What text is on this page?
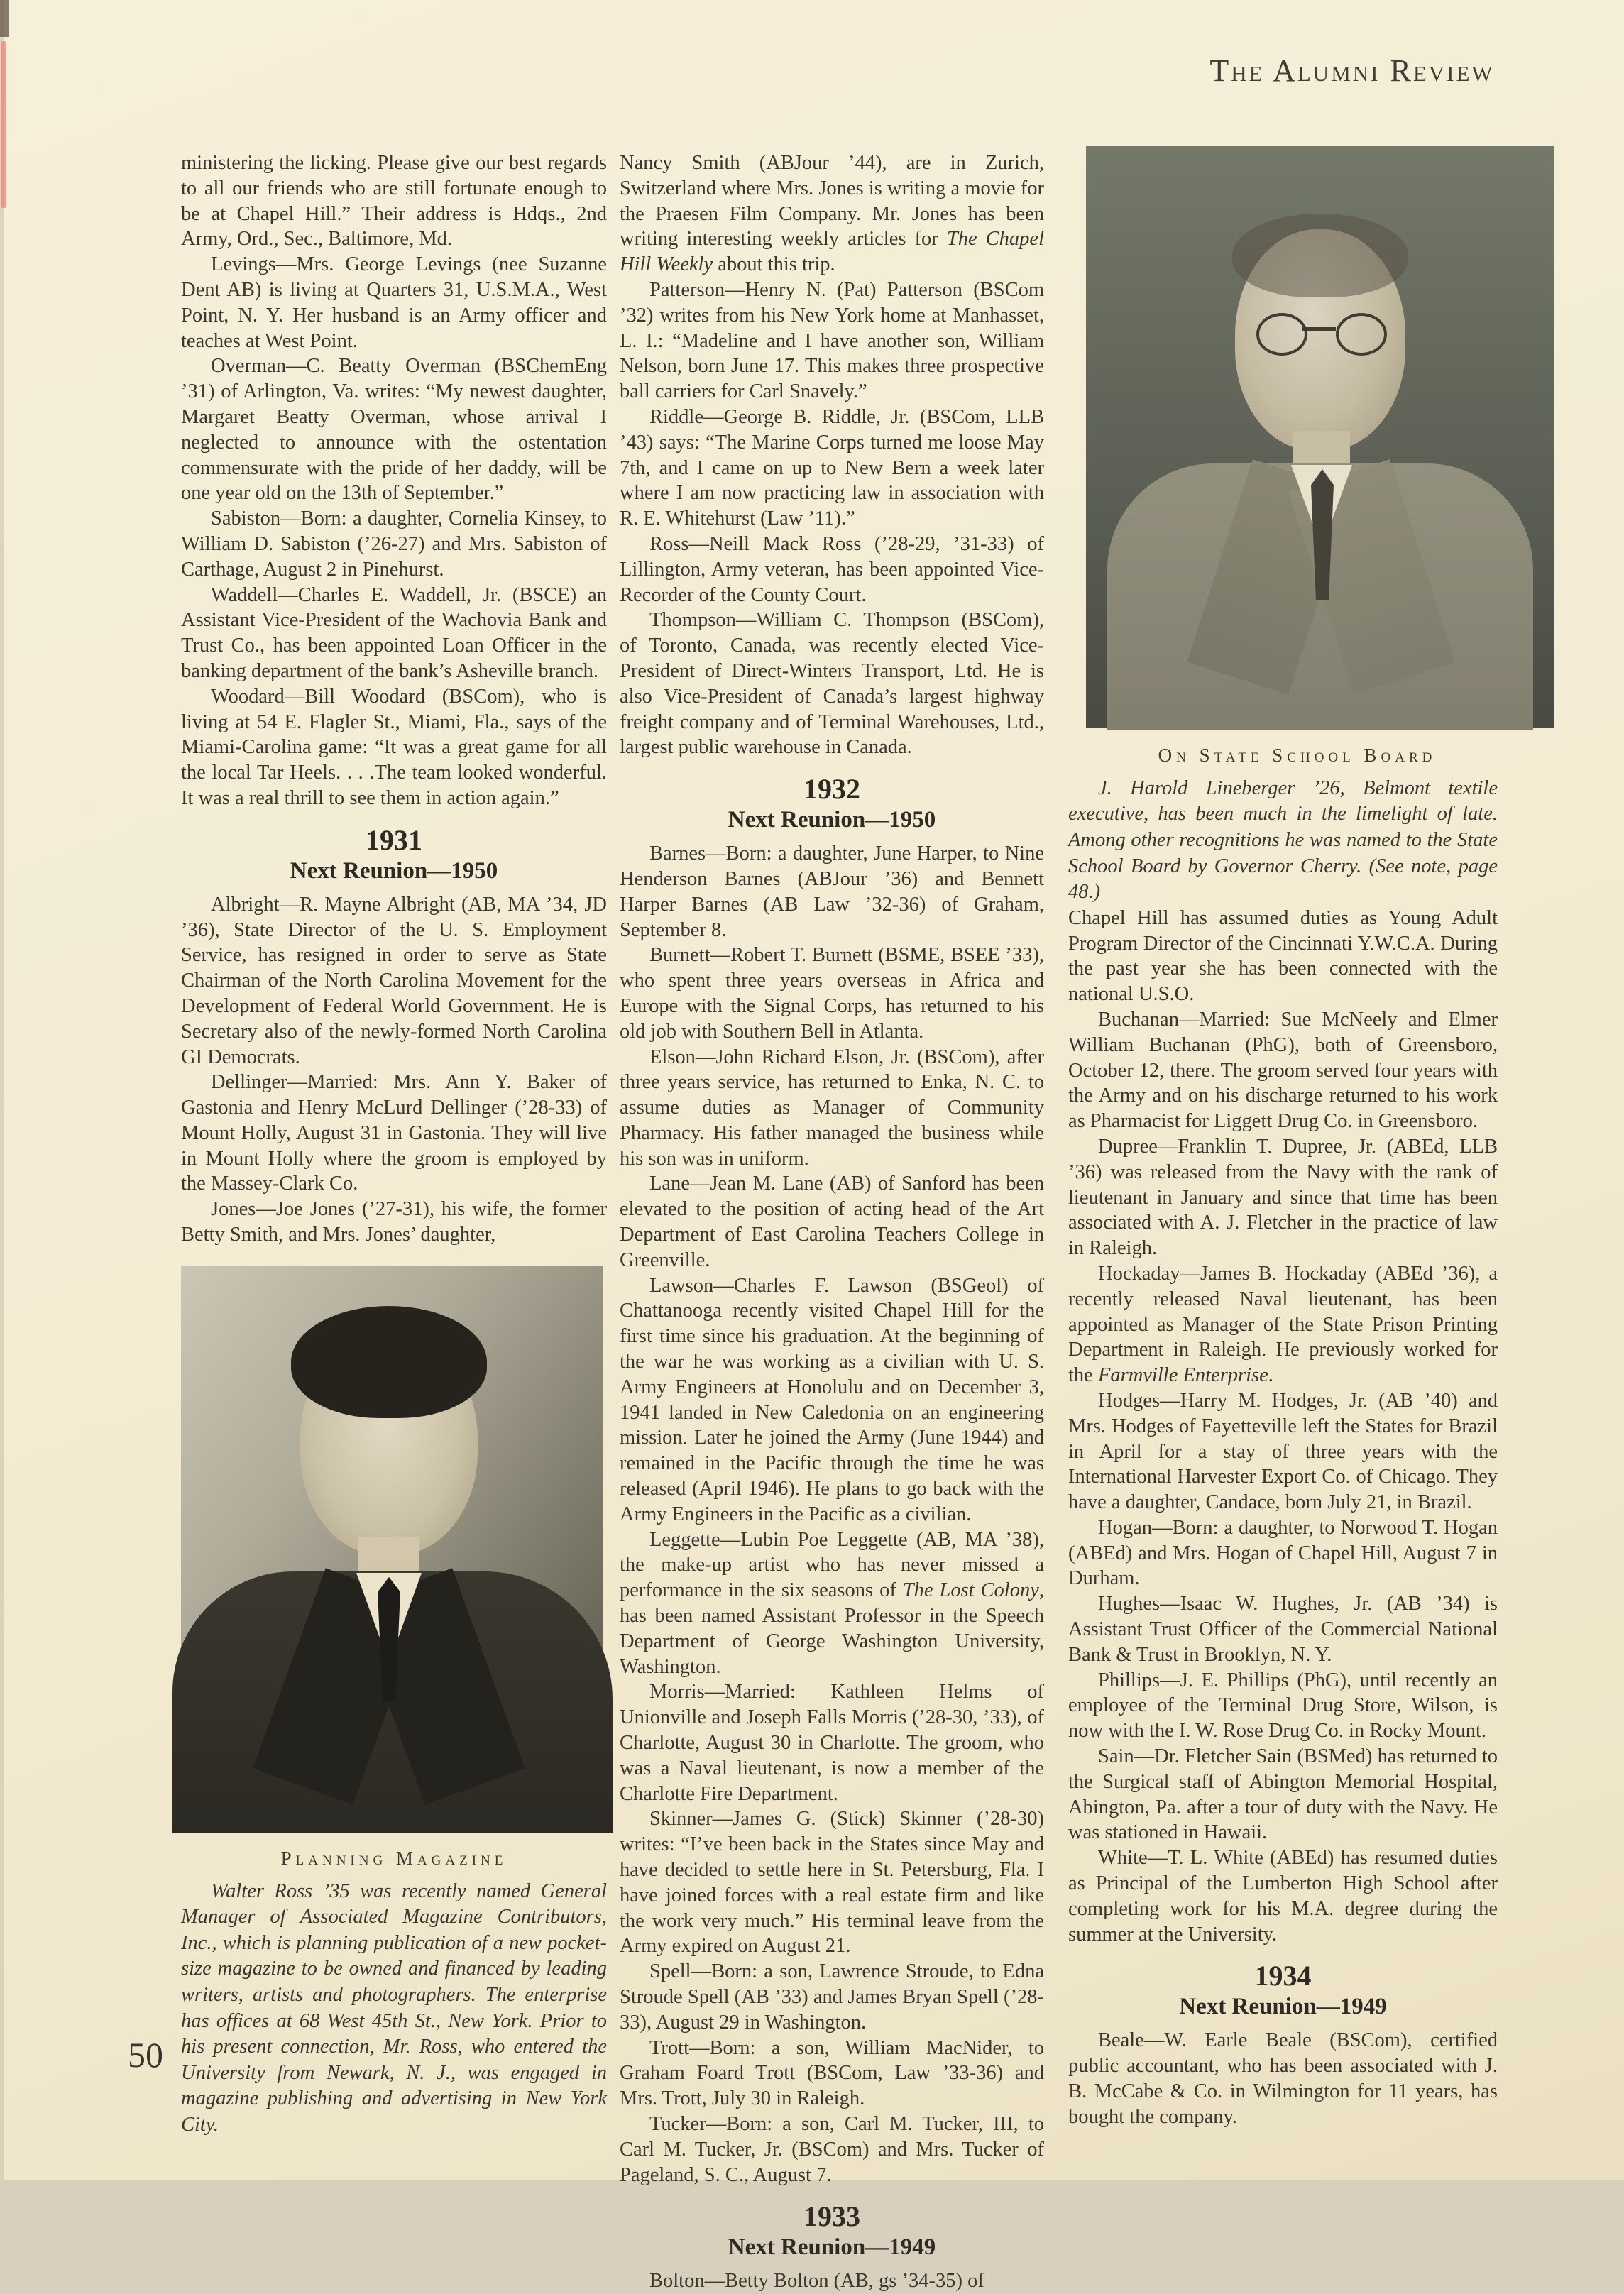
The Alumni Review

ministering the licking. Please give our best regards to all our friends who are still fortunate enough to be at Chapel Hill.” Their address is Hdqs., 2nd Army, Ord., Sec., Baltimore, Md.

Levings—Mrs. George Levings (nee Suzanne Dent AB) is living at Quarters 31, U.S.M.A., West Point, N. Y. Her husband is an Army officer and teaches at West Point.

Overman—C. Beatty Overman (BSChemEng ’31) of Arlington, Va. writes: “My newest daughter, Margaret Beatty Overman, whose arrival I neglected to announce with the ostentation commensurate with the pride of her daddy, will be one year old on the 13th of September.”

Sabiston—Born: a daughter, Cornelia Kinsey, to William D. Sabiston (’26-27) and Mrs. Sabiston of Carthage, August 2 in Pinehurst.

Waddell—Charles E. Waddell, Jr. (BSCE) an Assistant Vice-President of the Wachovia Bank and Trust Co., has been appointed Loan Officer in the banking department of the bank’s Asheville branch.

Woodard—Bill Woodard (BSCom), who is living at 54 E. Flagler St., Miami, Fla., says of the Miami-Carolina game: “It was a great game for all the local Tar Heels. . . .The team looked wonderful. It was a real thrill to see them in action again.”

1931
Next Reunion—1950

Albright—R. Mayne Albright (AB, MA ’34, JD ’36), State Director of the U. S. Employment Service, has resigned in order to serve as State Chairman of the North Carolina Movement for the Development of Federal World Government. He is Secretary also of the newly-formed North Carolina GI Democrats.

Dellinger—Married: Mrs. Ann Y. Baker of Gastonia and Henry McLurd Dellinger (’28-33) of Mount Holly, August 31 in Gastonia. They will live in Mount Holly where the groom is employed by the Massey-Clark Co.

Jones—Joe Jones (’27-31), his wife, the former Betty Smith, and Mrs. Jones’ daughter,

Planning Magazine

Walter Ross ’35 was recently named General Manager of Associated Magazine Contributors, Inc., which is planning publication of a new pocket-size magazine to be owned and financed by leading writers, artists and photographers. The enterprise has offices at 68 West 45th St., New York. Prior to his present connection, Mr. Ross, who entered the University from Newark, N. J., was engaged in magazine publishing and advertising in New York City.

Nancy Smith (ABJour ’44), are in Zurich, Switzerland where Mrs. Jones is writing a movie for the Praesen Film Company. Mr. Jones has been writing interesting weekly articles for The Chapel Hill Weekly about this trip.

Patterson—Henry N. (Pat) Patterson (BSCom ’32) writes from his New York home at Manhasset, L. I.: “Madeline and I have another son, William Nelson, born June 17. This makes three prospective ball carriers for Carl Snavely.”

Riddle—George B. Riddle, Jr. (BSCom, LLB ’43) says: “The Marine Corps turned me loose May 7th, and I came on up to New Bern a week later where I am now practicing law in association with R. E. Whitehurst (Law ’11).”

Ross—Neill Mack Ross (’28-29, ’31-33) of Lillington, Army veteran, has been appointed Vice-Recorder of the County Court.

Thompson—William C. Thompson (BSCom), of Toronto, Canada, was recently elected Vice-President of Direct-Winters Transport, Ltd. He is also Vice-President of Canada’s largest highway freight company and of Terminal Warehouses, Ltd., largest public warehouse in Canada.

1932
Next Reunion—1950

Barnes—Born: a daughter, June Harper, to Nine Henderson Barnes (ABJour ’36) and Bennett Harper Barnes (AB Law ’32-36) of Graham, September 8.

Burnett—Robert T. Burnett (BSME, BSEE ’33), who spent three years overseas in Africa and Europe with the Signal Corps, has returned to his old job with Southern Bell in Atlanta.

Elson—John Richard Elson, Jr. (BSCom), after three years service, has returned to Enka, N. C. to assume duties as Manager of Community Pharmacy. His father managed the business while his son was in uniform.

Lane—Jean M. Lane (AB) of Sanford has been elevated to the position of acting head of the Art Department of East Carolina Teachers College in Greenville.

Lawson—Charles F. Lawson (BSGeol) of Chattanooga recently visited Chapel Hill for the first time since his graduation. At the beginning of the war he was working as a civilian with U. S. Army Engineers at Honolulu and on December 3, 1941 landed in New Caledonia on an engineering mission. Later he joined the Army (June 1944) and remained in the Pacific through the time he was released (April 1946). He plans to go back with the Army Engineers in the Pacific as a civilian.

Leggette—Lubin Poe Leggette (AB, MA ’38), the make-up artist who has never missed a performance in the six seasons of The Lost Colony, has been named Assistant Professor in the Speech Department of George Washington University, Washington.

Morris—Married: Kathleen Helms of Unionville and Joseph Falls Morris (’28-30, ’33), of Charlotte, August 30 in Charlotte. The groom, who was a Naval lieutenant, is now a member of the Charlotte Fire Department.

Skinner—James G. (Stick) Skinner (’28-30) writes: “I’ve been back in the States since May and have decided to settle here in St. Petersburg, Fla. I have joined forces with a real estate firm and like the work very much.” His terminal leave from the Army expired on August 21.

Spell—Born: a son, Lawrence Stroude, to Edna Stroude Spell (AB ’33) and James Bryan Spell (’28-33), August 29 in Washington.

Trott—Born: a son, William MacNider, to Graham Foard Trott (BSCom, Law ’33-36) and Mrs. Trott, July 30 in Raleigh.

Tucker—Born: a son, Carl M. Tucker, III, to Carl M. Tucker, Jr. (BSCom) and Mrs. Tucker of Pageland, S. C., August 7.

1933
Next Reunion—1949

Bolton—Betty Bolton (AB, gs ’34-35) of

On State School Board

J. Harold Lineberger ’26, Belmont textile executive, has been much in the limelight of late. Among other recognitions he was named to the State School Board by Governor Cherry. (See note, page 48.)

Chapel Hill has assumed duties as Young Adult Program Director of the Cincinnati Y.W.C.A. During the past year she has been connected with the national U.S.O.

Buchanan—Married: Sue McNeely and Elmer William Buchanan (PhG), both of Greensboro, October 12, there. The groom served four years with the Army and on his discharge returned to his work as Pharmacist for Liggett Drug Co. in Greensboro.

Dupree—Franklin T. Dupree, Jr. (ABEd, LLB ’36) was released from the Navy with the rank of lieutenant in January and since that time has been associated with A. J. Fletcher in the practice of law in Raleigh.

Hockaday—James B. Hockaday (ABEd ’36), a recently released Naval lieutenant, has been appointed as Manager of the State Prison Printing Department in Raleigh. He previously worked for the Farmville Enterprise.

Hodges—Harry M. Hodges, Jr. (AB ’40) and Mrs. Hodges of Fayetteville left the States for Brazil in April for a stay of three years with the International Harvester Export Co. of Chicago. They have a daughter, Candace, born July 21, in Brazil.

Hogan—Born: a daughter, to Norwood T. Hogan (ABEd) and Mrs. Hogan of Chapel Hill, August 7 in Durham.

Hughes—Isaac W. Hughes, Jr. (AB ’34) is Assistant Trust Officer of the Commercial National Bank & Trust in Brooklyn, N. Y.

Phillips—J. E. Phillips (PhG), until recently an employee of the Terminal Drug Store, Wilson, is now with the I. W. Rose Drug Co. in Rocky Mount.

Sain—Dr. Fletcher Sain (BSMed) has returned to the Surgical staff of Abington Memorial Hospital, Abington, Pa. after a tour of duty with the Navy. He was stationed in Hawaii.

White—T. L. White (ABEd) has resumed duties as Principal of the Lumberton High School after completing work for his M.A. degree during the summer at the University.

1934
Next Reunion—1949

Beale—W. Earle Beale (BSCom), certified public accountant, who has been associated with J. B. McCabe & Co. in Wilmington for 11 years, has bought the company.

50
